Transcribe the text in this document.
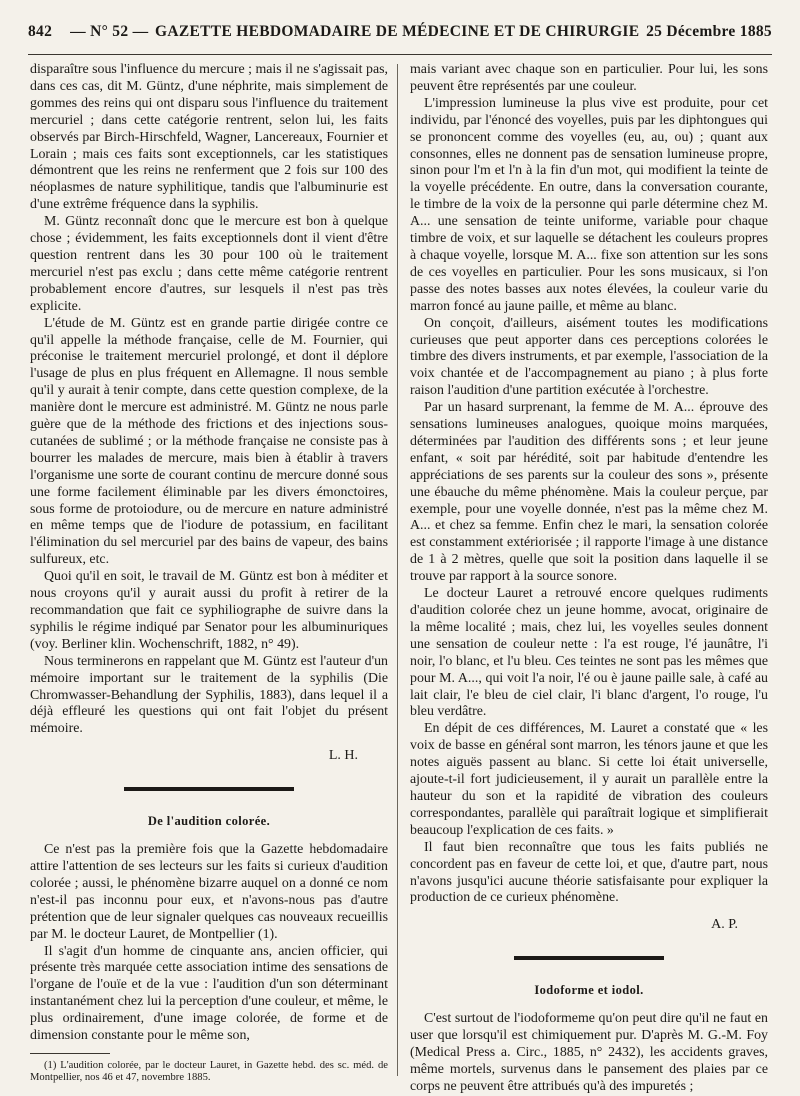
842 — N° 52 — GAZETTE HEBDOMADAIRE DE MÉDECINE ET DE CHIRURGIE 25 Décembre 1885

disparaître sous l'influence du mercure ; mais il ne s'agissait pas, dans ces cas, dit M. Güntz, d'une néphrite, mais simplement de gommes des reins qui ont disparu sous l'influence du traitement mercuriel ; dans cette catégorie rentrent, selon lui, les faits observés par Birch-Hirschfeld, Wagner, Lancereaux, Fournier et Lorain ; mais ces faits sont exceptionnels, car les statistiques démontrent que les reins ne renferment que 2 fois sur 100 des néoplasmes de nature syphilitique, tandis que l'albuminurie est d'une extrême fréquence dans la syphilis.

M. Güntz reconnaît donc que le mercure est bon à quelque chose ; évidemment, les faits exceptionnels dont il vient d'être question rentrent dans les 30 pour 100 où le traitement mercuriel n'est pas exclu ; dans cette même catégorie rentrent probablement encore d'autres, sur lesquels il n'est pas très explicite.

L'étude de M. Güntz est en grande partie dirigée contre ce qu'il appelle la méthode française, celle de M. Fournier, qui préconise le traitement mercuriel prolongé, et dont il déplore l'usage de plus en plus fréquent en Allemagne. Il nous semble qu'il y aurait à tenir compte, dans cette question complexe, de la manière dont le mercure est administré. M. Güntz ne nous parle guère que de la méthode des frictions et des injections sous-cutanées de sublimé ; or la méthode française ne consiste pas à bourrer les malades de mercure, mais bien à établir à travers l'organisme une sorte de courant continu de mercure donné sous une forme facilement éliminable par les divers émonctoires, sous forme de protoiodure, ou de mercure en nature administré en même temps que de l'iodure de potassium, en facilitant l'élimination du sel mercuriel par des bains de vapeur, des bains sulfureux, etc.

Quoi qu'il en soit, le travail de M. Güntz est bon à méditer et nous croyons qu'il y aurait aussi du profit à retirer de la recommandation que fait ce syphiliographe de suivre dans la syphilis le régime indiqué par Senator pour les albuminuriques (voy. Berliner klin. Wochenschrift, 1882, n° 49).

Nous terminerons en rappelant que M. Güntz est l'auteur d'un mémoire important sur le traitement de la syphilis (Die Chromwasser-Behandlung der Syphilis, 1883), dans lequel il a déjà effleuré les questions qui ont fait l'objet du présent mémoire.

L. H.
De l'audition colorée.

Ce n'est pas la première fois que la Gazette hebdomadaire attire l'attention de ses lecteurs sur les faits si curieux d'audition colorée ; aussi, le phénomène bizarre auquel on a donné ce nom n'est-il pas inconnu pour eux, et n'avons-nous pas d'autre prétention que de leur signaler quelques cas nouveaux recueillis par M. le docteur Lauret, de Montpellier (1).

Il s'agit d'un homme de cinquante ans, ancien officier, qui présente très marquée cette association intime des sensations de l'organe de l'ouïe et de la vue : l'audition d'un son déterminant instantanément chez lui la perception d'une couleur, et même, le plus ordinairement, d'une image colorée, de forme et de dimension constante pour le même son,

(1) L'audition colorée, par le docteur Lauret, in Gazette hebd. des sc. méd. de Montpellier, nos 46 et 47, novembre 1885.

mais variant avec chaque son en particulier. Pour lui, les sons peuvent être représentés par une couleur.

L'impression lumineuse la plus vive est produite, pour cet individu, par l'énoncé des voyelles, puis par les diphtongues qui se prononcent comme des voyelles (eu, au, ou) ; quant aux consonnes, elles ne donnent pas de sensation lumineuse propre, sinon pour l'm et l'n à la fin d'un mot, qui modifient la teinte de la voyelle précédente. En outre, dans la conversation courante, le timbre de la voix de la personne qui parle détermine chez M. A... une sensation de teinte uniforme, variable pour chaque timbre de voix, et sur laquelle se détachent les couleurs propres à chaque voyelle, lorsque M. A... fixe son attention sur les sons de ces voyelles en particulier. Pour les sons musicaux, si l'on passe des notes basses aux notes élevées, la couleur varie du marron foncé au jaune paille, et même au blanc.

On conçoit, d'ailleurs, aisément toutes les modifications curieuses que peut apporter dans ces perceptions colorées le timbre des divers instruments, et par exemple, l'association de la voix chantée et de l'accompagnement au piano ; à plus forte raison l'audition d'une partition exécutée à l'orchestre.

Par un hasard surprenant, la femme de M. A... éprouve des sensations lumineuses analogues, quoique moins marquées, déterminées par l'audition des différents sons ; et leur jeune enfant, « soit par hérédité, soit par habitude d'entendre les appréciations de ses parents sur la couleur des sons », présente une ébauche du même phénomène. Mais la couleur perçue, par exemple, pour une voyelle donnée, n'est pas la même chez M. A... et chez sa femme. Enfin chez le mari, la sensation colorée est constamment extériorisée ; il rapporte l'image à une distance de 1 à 2 mètres, quelle que soit la position dans laquelle il se trouve par rapport à la source sonore.

Le docteur Lauret a retrouvé encore quelques rudiments d'audition colorée chez un jeune homme, avocat, originaire de la même localité ; mais, chez lui, les voyelles seules donnent une sensation de couleur nette : l'a est rouge, l'é jaunâtre, l'i noir, l'o blanc, et l'u bleu. Ces teintes ne sont pas les mêmes que pour M. A..., qui voit l'a noir, l'é ou è jaune paille sale, à café au lait clair, l'e bleu de ciel clair, l'i blanc d'argent, l'o rouge, l'u bleu verdâtre.

En dépit de ces différences, M. Lauret a constaté que « les voix de basse en général sont marron, les ténors jaune et que les notes aiguës passent au blanc. Si cette loi était universelle, ajoute-t-il fort judicieusement, il y aurait un parallèle entre la hauteur du son et la rapidité de vibration des couleurs correspondantes, parallèle qui paraîtrait logique et simplifierait beaucoup l'explication de ces faits. »

Il faut bien reconnaître que tous les faits publiés ne concordent pas en faveur de cette loi, et que, d'autre part, nous n'avons jusqu'ici aucune théorie satisfaisante pour expliquer la production de ce curieux phénomène.

A. P.
Iodoforme et iodol.

C'est surtout de l'iodoformeme qu'on peut dire qu'il ne faut en user que lorsqu'il est chimiquement pur. D'après M. G.-M. Foy (Medical Press a. Circ., 1885, n° 2432), les accidents graves, même mortels, survenus dans le pansement des plaies par ce corps ne peuvent être attribués qu'à des impuretés ;
